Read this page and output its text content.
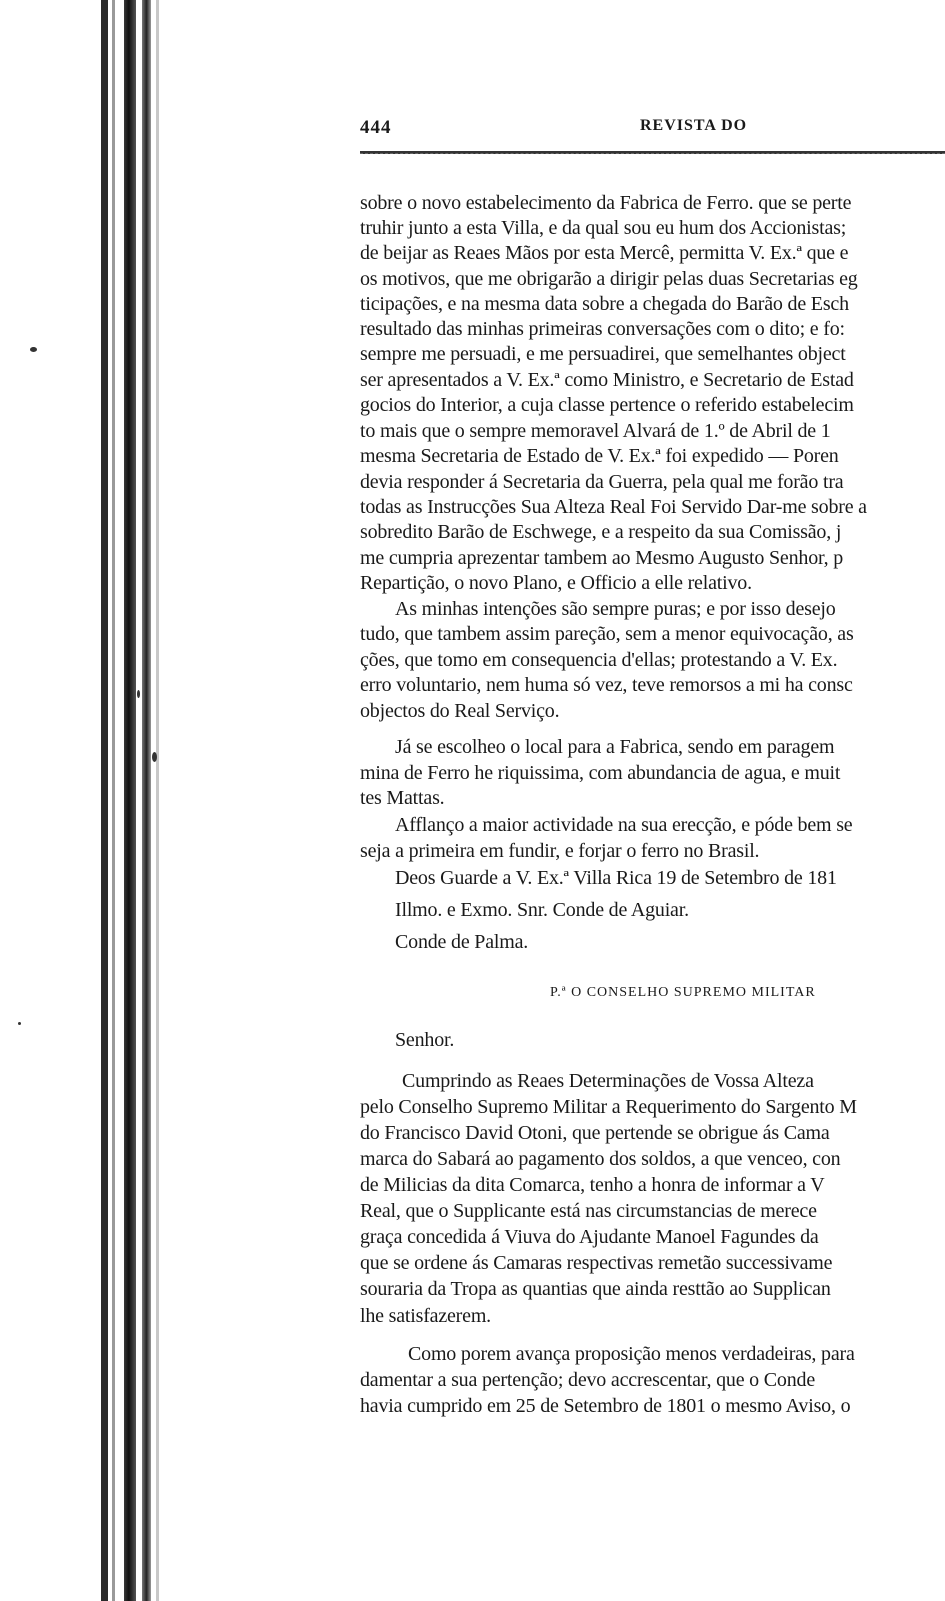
444	REVISTA DO
sobre o novo estabelecimento da Fabrica de Ferro. que se perte
truhir junto a esta Villa, e da qual sou eu hum dos Accionistas;
de beijar as Reaes Mãos por esta Mercê, permitta V. Ex.ª que e
os motivos, que me obrigarão a dirigir pelas duas Secretarias eg
ticipações, e na mesma data sobre a chegada do Barão de Esch
resultado das minhas primeiras conversações com o dito; e fo:
sempre me persuadi, e me persuadirei, que semelhantes object
ser apresentados a V. Ex.ª como Ministro, e Secretario de Estad
gocios do Interior, a cuja classe pertence o referido estabelecim
to mais que o sempre memoravel Alvará de 1.º de Abril de 1
mesma Secretaria de Estado de V. Ex.ª foi expedido — Poren
devia responder á Secretaria da Guerra, pela qual me forão tra
todas as Instrucções Sua Alteza Real Foi Servido Dar-me sobre a
sobredito Barão de Eschwege, e a respeito da sua Comissão, j
me cumpria aprezentar tambem ao Mesmo Augusto Senhor, p
Repartição, o novo Plano, e Officio a elle relativo.
As minhas intenções são sempre puras; e por isso desejo
tudo, que tambem assim pareção, sem a menor equivocação, as
ções, que tomo em consequencia d'ellas; protestando a V. Ex.
erro voluntario, nem huma só vez, teve remorsos a mi ha consc
objectos do Real Serviço.
Já se escolheo o local para a Fabrica, sendo em paragem
mina de Ferro he riquissima, com abundancia de agua, e muit
tes Mattas.
Afflanço a maior actividade na sua erecção, e póde bem se
seja a primeira em fundir, e forjar o ferro no Brasil.
Deos Guarde a V. Ex.ª Villa Rica 19 de Setembro de 181
Illmo. e Exmo. Snr. Conde de Aguiar.
Conde de Palma.
P.ª O CONSELHO SUPREMO MILITAR
Senhor.
Cumprindo as Reaes Determinações de Vossa Alteza
pelo Conselho Supremo Militar a Requerimento do Sargento M
do Francisco David Otoni, que pertende se obrigue ás Cama
marca do Sabará ao pagamento dos soldos, a que venceo, con
de Milicias da dita Comarca, tenho a honra de informar a V
Real, que o Supplicante está nas circumstancias de merece
graça concedida á Viuva do Ajudante Manoel Fagundes da
que se ordene ás Camaras respectivas remetão successivame
souraria da Tropa as quantias que ainda resttão ao Supplican
lhe satisfazerem.
Como porem avança proposição menos verdadeiras, para
damentar a sua pertenção; devo accrescentar, que o Conde
havia cumprido em 25 de Setembro de 1801 o mesmo Aviso, o
